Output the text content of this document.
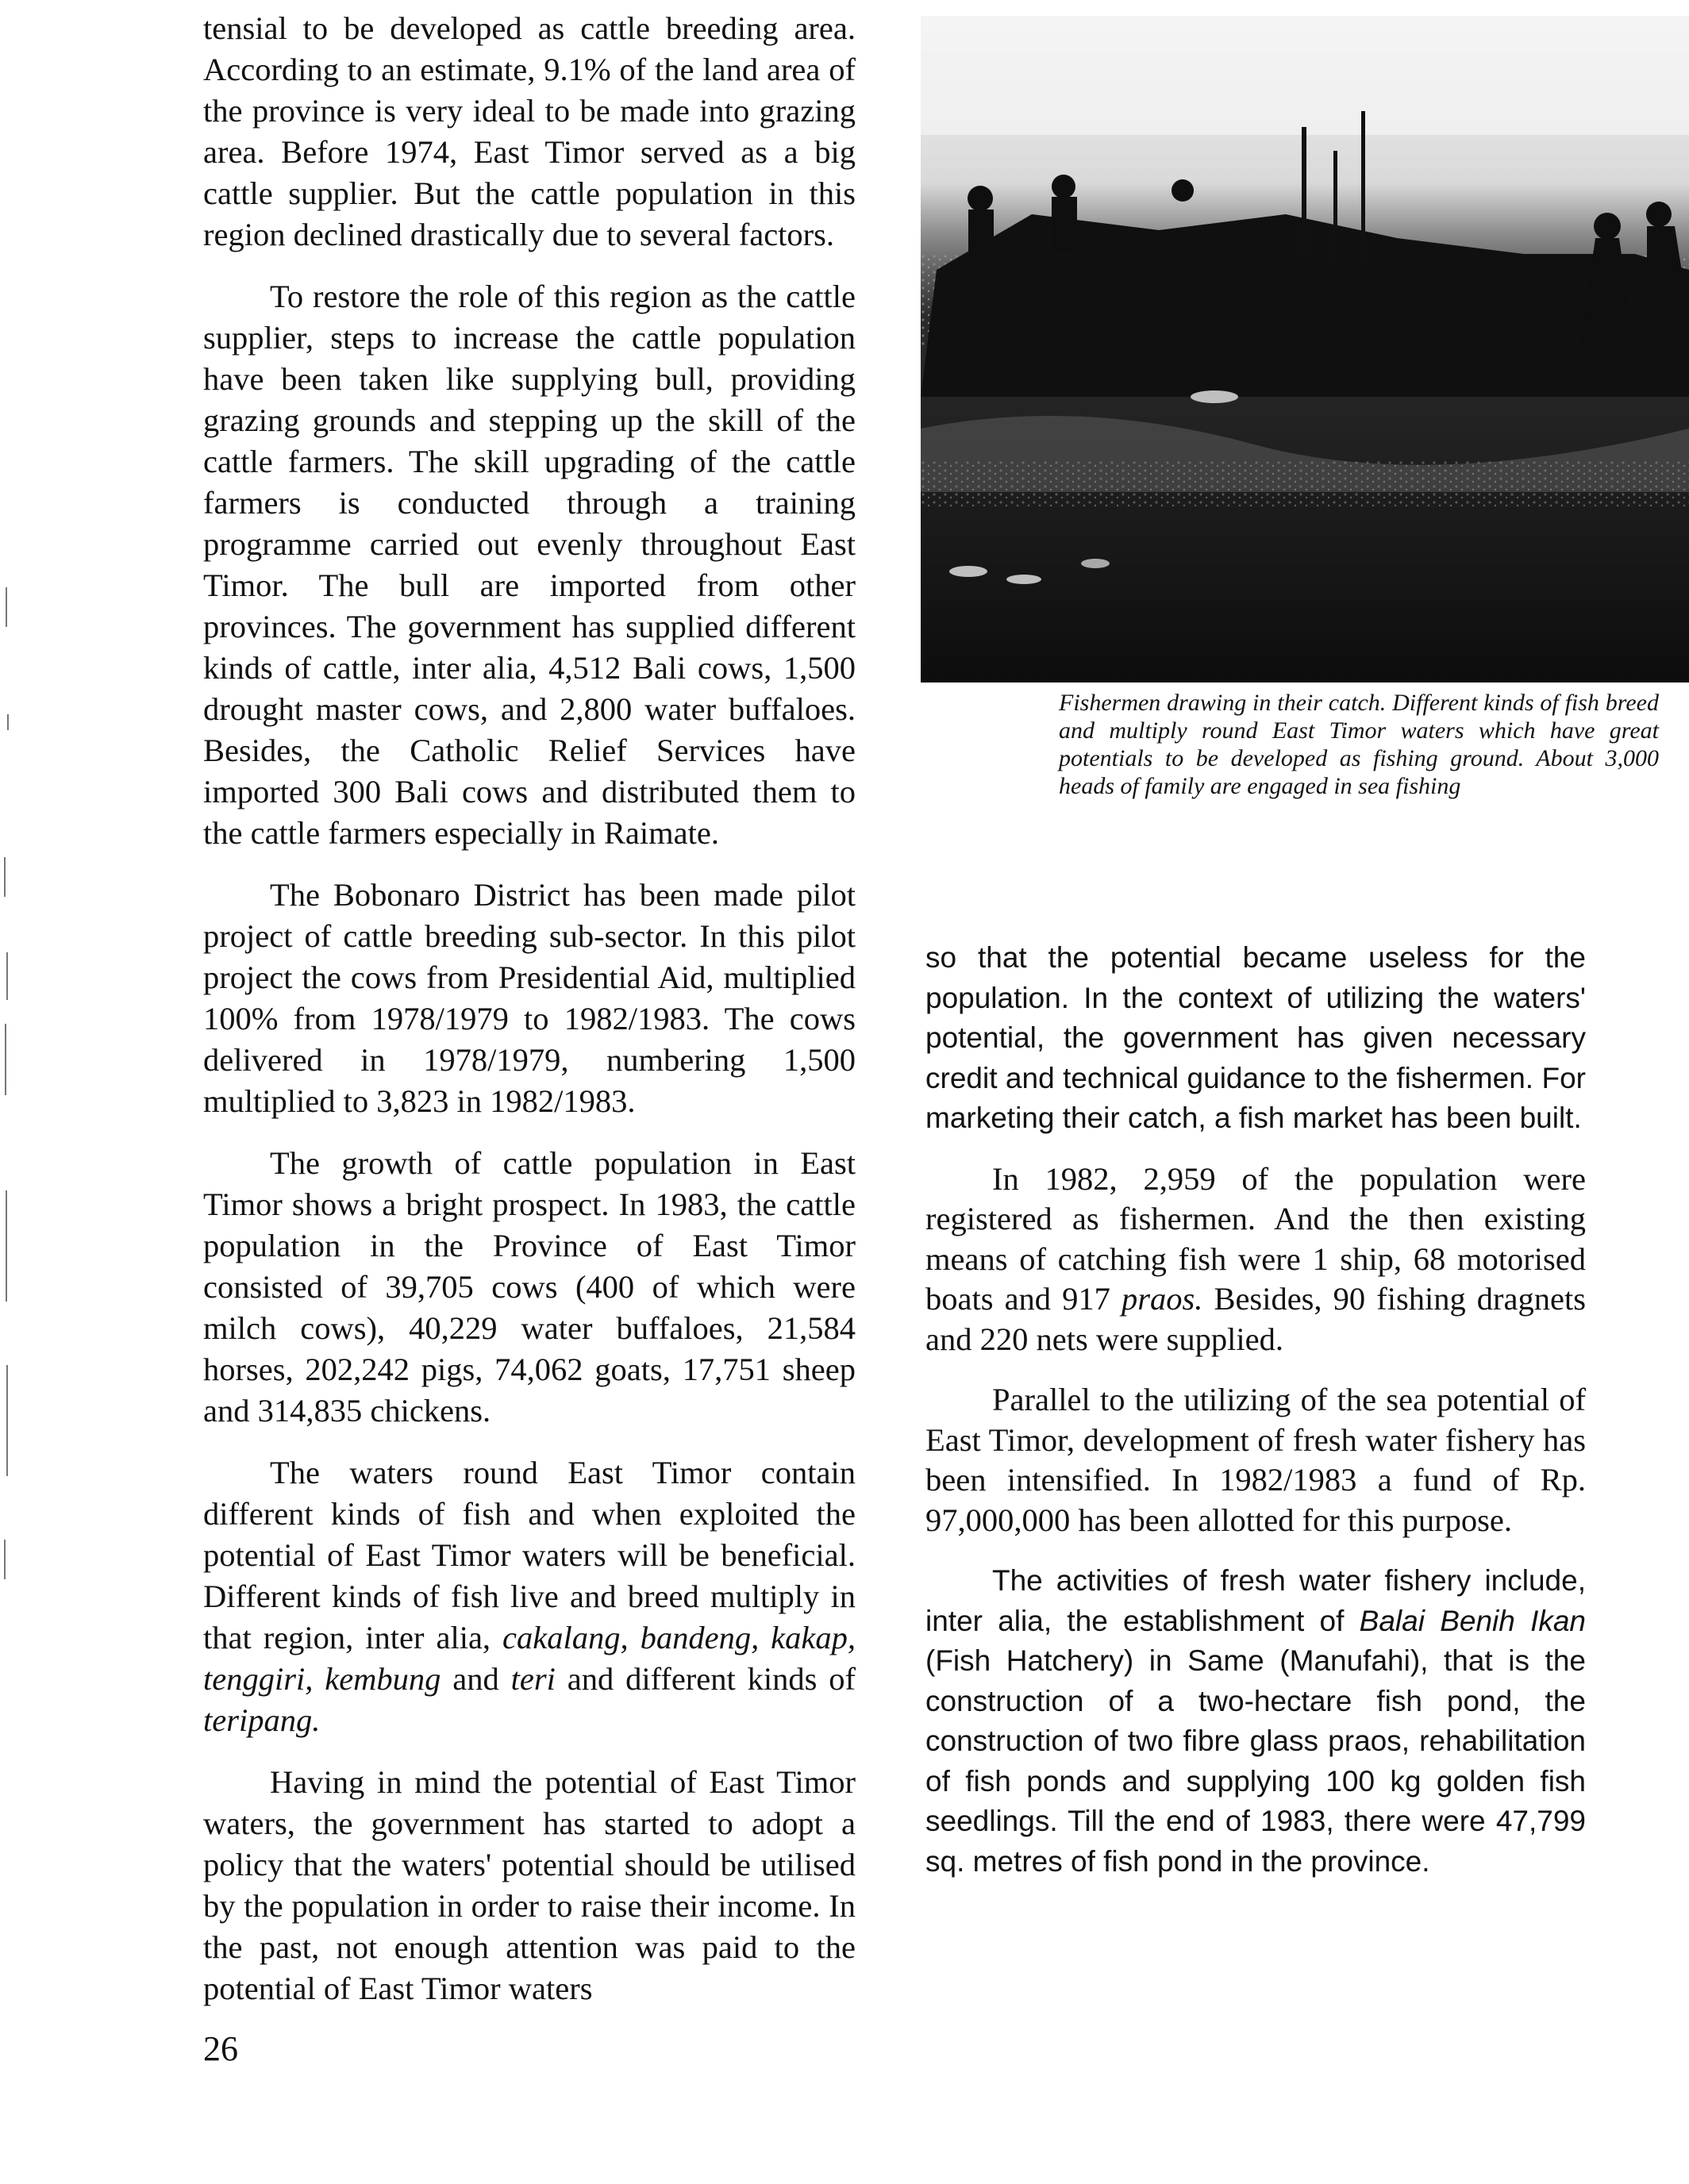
tensial to be developed as cattle breeding area. According to an estimate, 9.1% of the land area of the province is very ideal to be made into grazing area. Before 1974, East Timor served as a big cattle supplier. But the cattle population in this region declined drastically due to several factors.

To restore the role of this region as the cattle supplier, steps to increase the cattle population have been taken like supplying bull, providing grazing grounds and stepping up the skill of the cattle farmers. The skill upgrading of the cattle farmers is conducted through a training programme carried out evenly throughout East Timor. The bull are imported from other provinces. The government has supplied different kinds of cattle, inter alia, 4,512 Bali cows, 1,500 drought master cows, and 2,800 water buffaloes. Besides, the Catholic Relief Services have imported 300 Bali cows and distributed them to the cattle farmers especially in Raimate.

The Bobonaro District has been made pilot project of cattle breeding sub-sector. In this pilot project the cows from Presidential Aid, multiplied 100% from 1978/1979 to 1982/1983. The cows delivered in 1978/1979, numbering 1,500 multiplied to 3,823 in 1982/1983.

The growth of cattle population in East Timor shows a bright prospect. In 1983, the cattle population in the Province of East Timor consisted of 39,705 cows (400 of which were milch cows), 40,229 water buffaloes, 21,584 horses, 202,242 pigs, 74,062 goats, 17,751 sheep and 314,835 chickens.

The waters round East Timor contain different kinds of fish and when exploited the potential of East Timor waters will be beneficial. Different kinds of fish live and breed multiply in that region, inter alia, cakalang, bandeng, kakap, tenggiri, kembung and teri and different kinds of teripang.

Having in mind the potential of East Timor waters, the government has started to adopt a policy that the waters' potential should be utilised by the population in order to raise their income. In the past, not enough attention was paid to the potential of East Timor waters

Fishermen drawing in their catch. Different kinds of fish breed and multiply round East Timor waters which have great potentials to be developed as fishing ground. About 3,000 heads of family are engaged in sea fishing

so that the potential became useless for the population. In the context of utilizing the waters' potential, the government has given necessary credit and technical guidance to the fishermen. For marketing their catch, a fish market has been built.

In 1982, 2,959 of the population were registered as fishermen. And the then existing means of catching fish were 1 ship, 68 motorised boats and 917 praos. Besides, 90 fishing dragnets and 220 nets were supplied.

Parallel to the utilizing of the sea potential of East Timor, development of fresh water fishery has been intensified. In 1982/1983 a fund of Rp. 97,000,000 has been allotted for this purpose.

The activities of fresh water fishery include, inter alia, the establishment of Balai Benih Ikan (Fish Hatchery) in Same (Manufahi), that is the construction of a two-hectare fish pond, the construction of two fibre glass praos, rehabilitation of fish ponds and supplying 100 kg golden fish seedlings. Till the end of 1983, there were 47,799 sq. metres of fish pond in the province.

26
